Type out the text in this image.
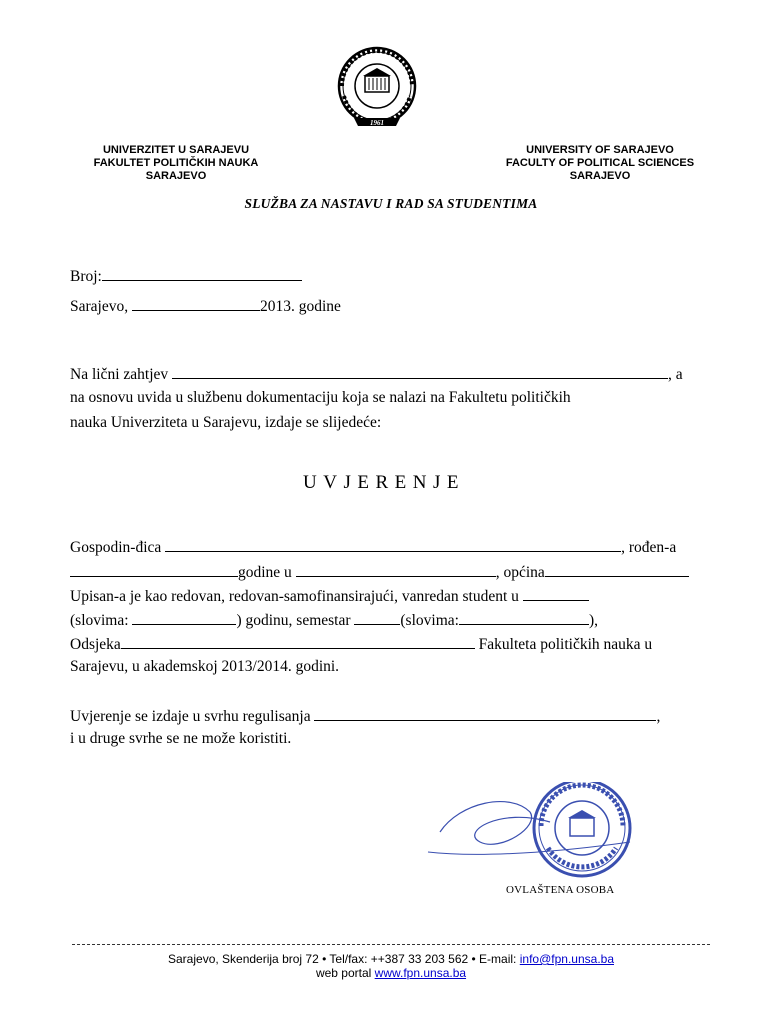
1961
UNIVERZITET U SARAJEVU
FAKULTET POLITIČKIH NAUKA
SARAJEVO
UNIVERSITY OF SARAJEVO
FACULTY OF POLITICAL SCIENCES
SARAJEVO
SLUŽBA ZA NASTAVU I RAD SA STUDENTIMA
Broj:
Sarajevo,	2013. godine
Na lični zahtjev	, a
na osnovu uvida u službenu dokumentaciju koja se nalazi na Fakultetu političkih
nauka Univerziteta u Sarajevu, izdaje se slijedeće:
UVJERENJE
Gospodin-đica	, rođen-a
godine u	, općina
Upisan-a je kao redovan, redovan-samofinansirajući, vanredan student u
(slovima:	) godinu, semestar	(slovima:	),
Odsjeka	Fakulteta političkih nauka u
Sarajevu, u akademskoj 2013/2014. godini.
Uvjerenje se izdaje u svrhu regulisanja	,
i u druge svrhe se ne može koristiti.
OVLAŠTENA OSOBA
Sarajevo, Skenderija broj 72 • Tel/fax: ++387 33 203 562 • E-mail: info@fpn.unsa.ba
web portal www.fpn.unsa.ba
